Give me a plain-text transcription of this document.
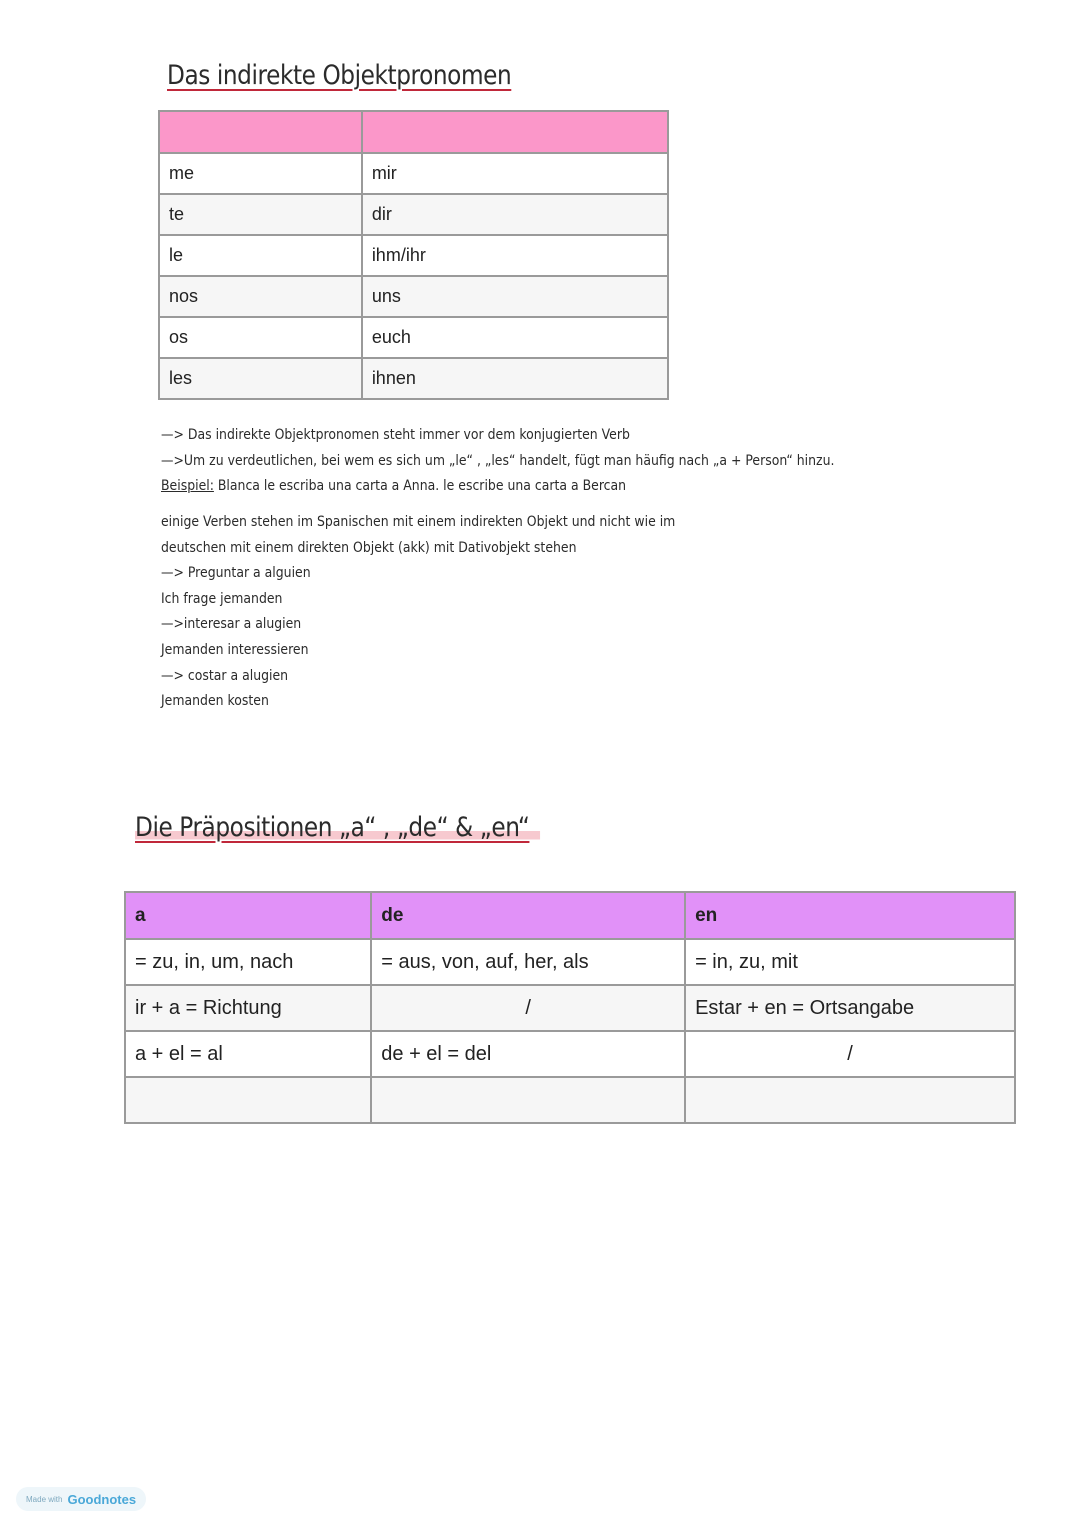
Das indirekte Objektpronomen

me	mir
te	dir
le	ihm/ihr
nos	uns
os	euch
les	ihnen
—> Das indirekte Objektpronomen steht immer vor dem konjugierten Verb
—>Um zu verdeutlichen, bei wem es sich um „le“ , „les“ handelt, fügt man häufig nach „a + Person“ hinzu.
Beispiel: Blanca le escriba una carta a Anna. le escribe una carta a Bercan
einige Verben stehen im Spanischen mit einem indirekten Objekt und nicht wie im
deutschen mit einem direkten Objekt (akk) mit Dativobjekt stehen
—> Preguntar a alguien
Ich frage jemanden
—>interesar a alugien
Jemanden interessieren
—> costar a alugien
Jemanden kosten
Die Präpositionen „a“ , „de“ & „en“
a	de	en
= zu, in, um, nach	= aus, von, auf, her, als	= in, zu, mit
ir + a = Richtung	/	Estar + en = Ortsangabe
a + el = al	de + el = del	/

Made with Goodnotes
